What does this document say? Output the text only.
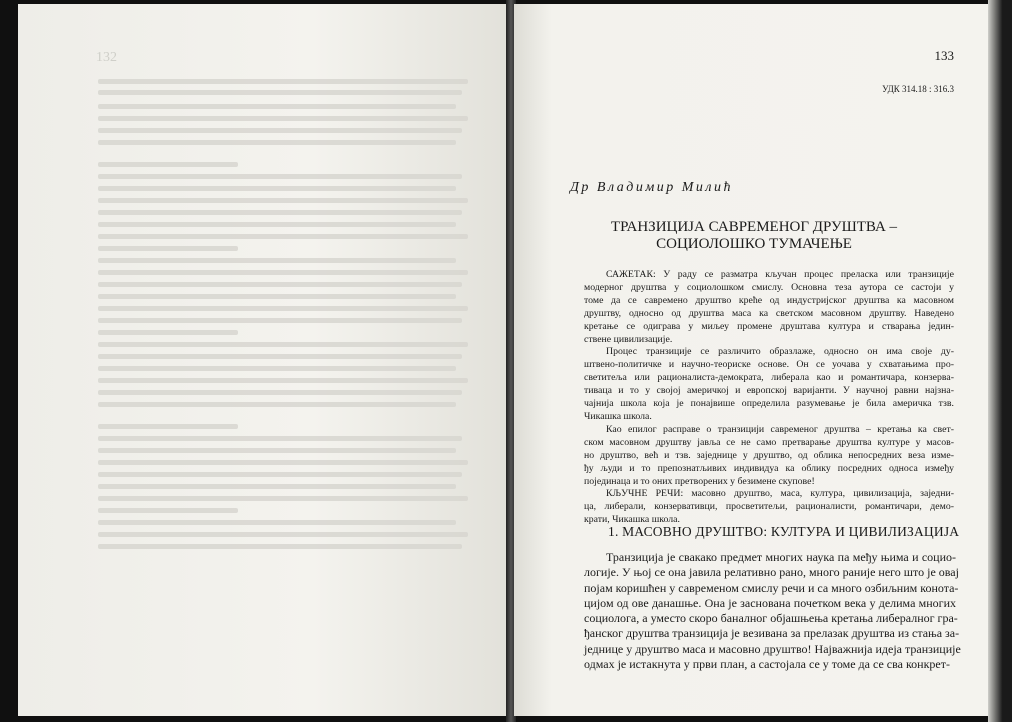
132	133
УДК 314.18 : 316.3
Др Владимир Милић
ТРАНЗИЦИЈА САВРЕМЕНОГ ДРУШТВА –
СОЦИОЛОШКО ТУМАЧЕЊЕ
САЖЕТАК: У раду се разматра кључан процес преласка или транзиције
модерног друштва у социолошком смислу. Основна теза аутора се састоји у
томе да се савремено друштво креће од индустријског друштва ка масовном
друштву, односно од друштва маса ка светском масовном друштву. Наведено
кретање се одиграва у миљеу промене друштава култура и стварања једин-
ствене цивилизације.
Процес транзиције се различито образлаже, односно он има своје ду-
штвено-политичке и научно-теориске основе. Он се уочава у схватањима про-
светитеља или рационалиста-демократа, либерала као и романтичара, конзерва-
тиваца и то у својој америчкој и европској варијанти. У научној равни најзна-
чајнија школа која је понајвише определила разумевање је била америчка тзв.
Чикашка школа.
Као епилог расправе о транзицији савременог друштва – кретања ка свет-
ском масовном друштву јавља се не само претварање друштва културе у масов-
но друштво, већ и тзв. заједнице у друштво, од облика непосредних веза изме-
ђу људи и то препознатљивих индивидуа ка облику посредних односа између
појединаца и то оних претворених у безимене скупове!
КЉУЧНЕ РЕЧИ: масовно друштво, маса, култура, цивилизација, заједни-
ца, либерали, конзервативци, просветитељи, рационалисти, романтичари, демо-
крати, Чикашка школа.
1. МАСОВНО ДРУШТВО: КУЛТУРА И ЦИВИЛИЗАЦИЈА
Транзиција је свакако предмет многих наука па међу њима и социо-
логије. У њој се она јавила релативно рано, много раније него што је овај
појам коришћен у савременом смислу речи и са много озбиљним конота-
цијом од ове данашње. Она је заснована почетком века у делима многих
социолога, а уместо скоро баналног објашњења кретања либералног гра-
ђанског друштва транзиција је везивана за прелазак друштва из стања за-
једнице у друштво маса и масовно друштво! Најважнија идеја транзиције
одмах је истакнута у први план, а састојала се у томе да се сва конкрет-
